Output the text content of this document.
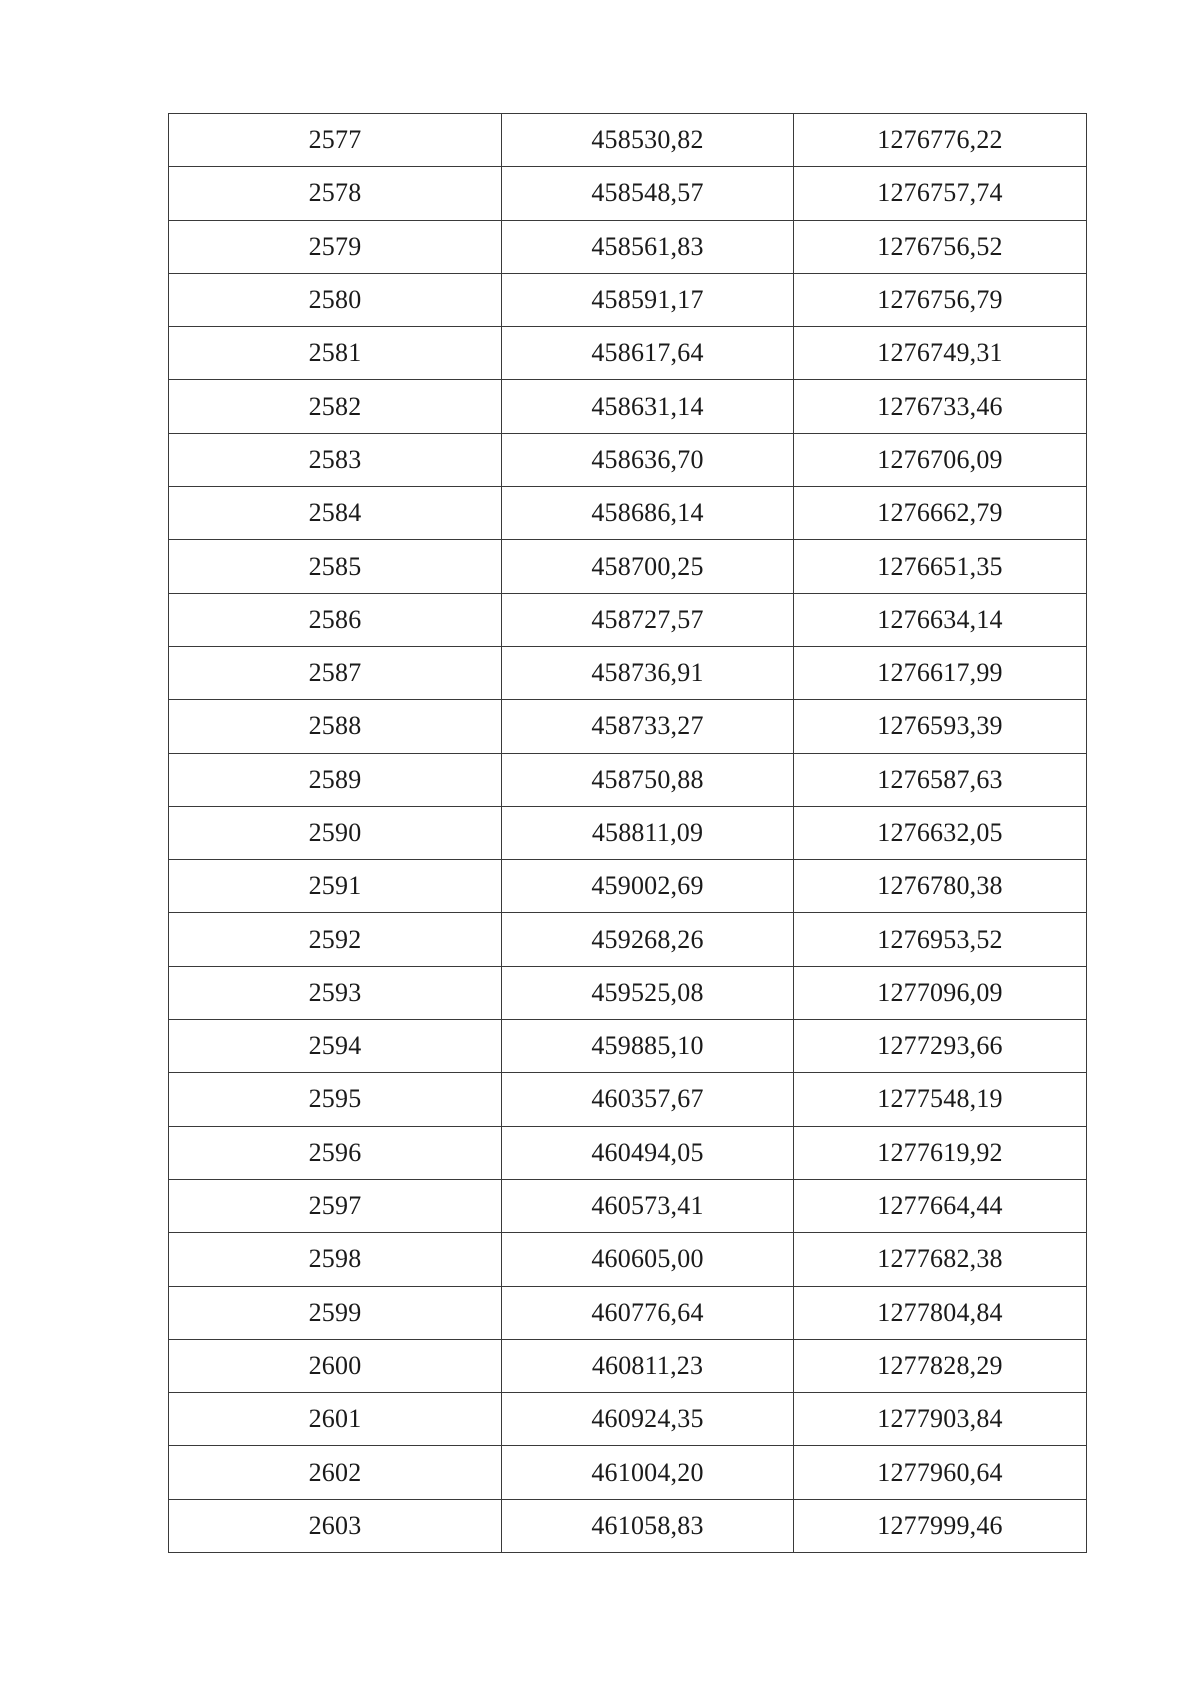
2577	458530,82	1276776,22
2578	458548,57	1276757,74
2579	458561,83	1276756,52
2580	458591,17	1276756,79
2581	458617,64	1276749,31
2582	458631,14	1276733,46
2583	458636,70	1276706,09
2584	458686,14	1276662,79
2585	458700,25	1276651,35
2586	458727,57	1276634,14
2587	458736,91	1276617,99
2588	458733,27	1276593,39
2589	458750,88	1276587,63
2590	458811,09	1276632,05
2591	459002,69	1276780,38
2592	459268,26	1276953,52
2593	459525,08	1277096,09
2594	459885,10	1277293,66
2595	460357,67	1277548,19
2596	460494,05	1277619,92
2597	460573,41	1277664,44
2598	460605,00	1277682,38
2599	460776,64	1277804,84
2600	460811,23	1277828,29
2601	460924,35	1277903,84
2602	461004,20	1277960,64
2603	461058,83	1277999,46
